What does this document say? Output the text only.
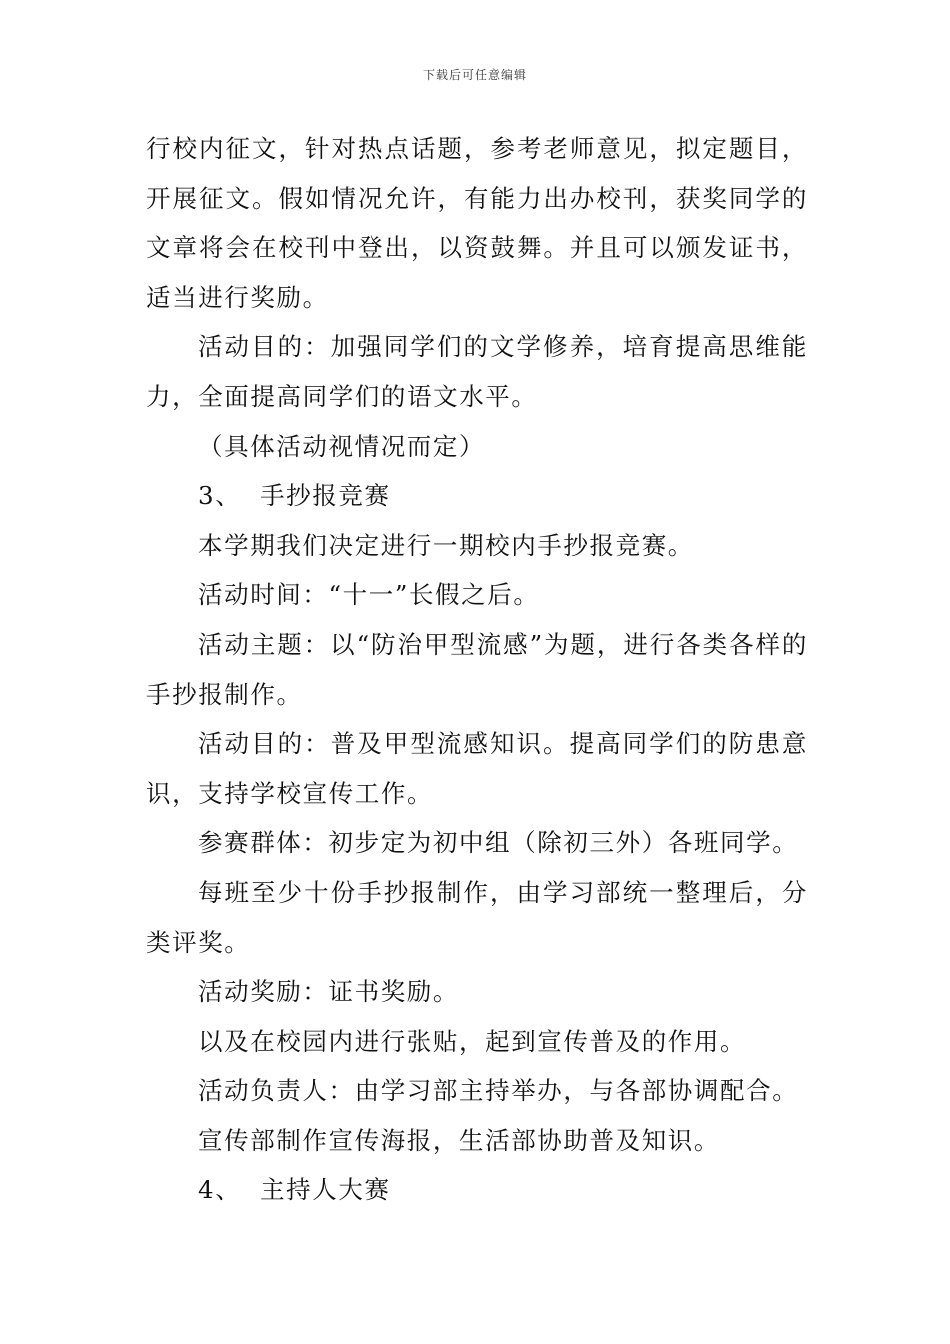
下载后可任意编辑

行校内征文，针对热点话题，参考老师意见，拟定题目，开展征文。假如情况允许，有能力出办校刊，获奖同学的文章将会在校刊中登出，以资鼓舞。并且可以颁发证书，适当进行奖励。

活动目的：加强同学们的文学修养，培育提高思维能力，全面提高同学们的语文水平。

（具体活动视情况而定）

3、  手抄报竞赛

本学期我们决定进行一期校内手抄报竞赛。

活动时间：“十一”长假之后。

活动主题：以“防治甲型流感”为题，进行各类各样的手抄报制作。

活动目的：普及甲型流感知识。提高同学们的防患意识，支持学校宣传工作。

参赛群体：初步定为初中组（除初三外）各班同学。

每班至少十份手抄报制作，由学习部统一整理后，分类评奖。

活动奖励：证书奖励。

以及在校园内进行张贴，起到宣传普及的作用。

活动负责人：由学习部主持举办，与各部协调配合。

宣传部制作宣传海报，生活部协助普及知识。

4、  主持人大赛
